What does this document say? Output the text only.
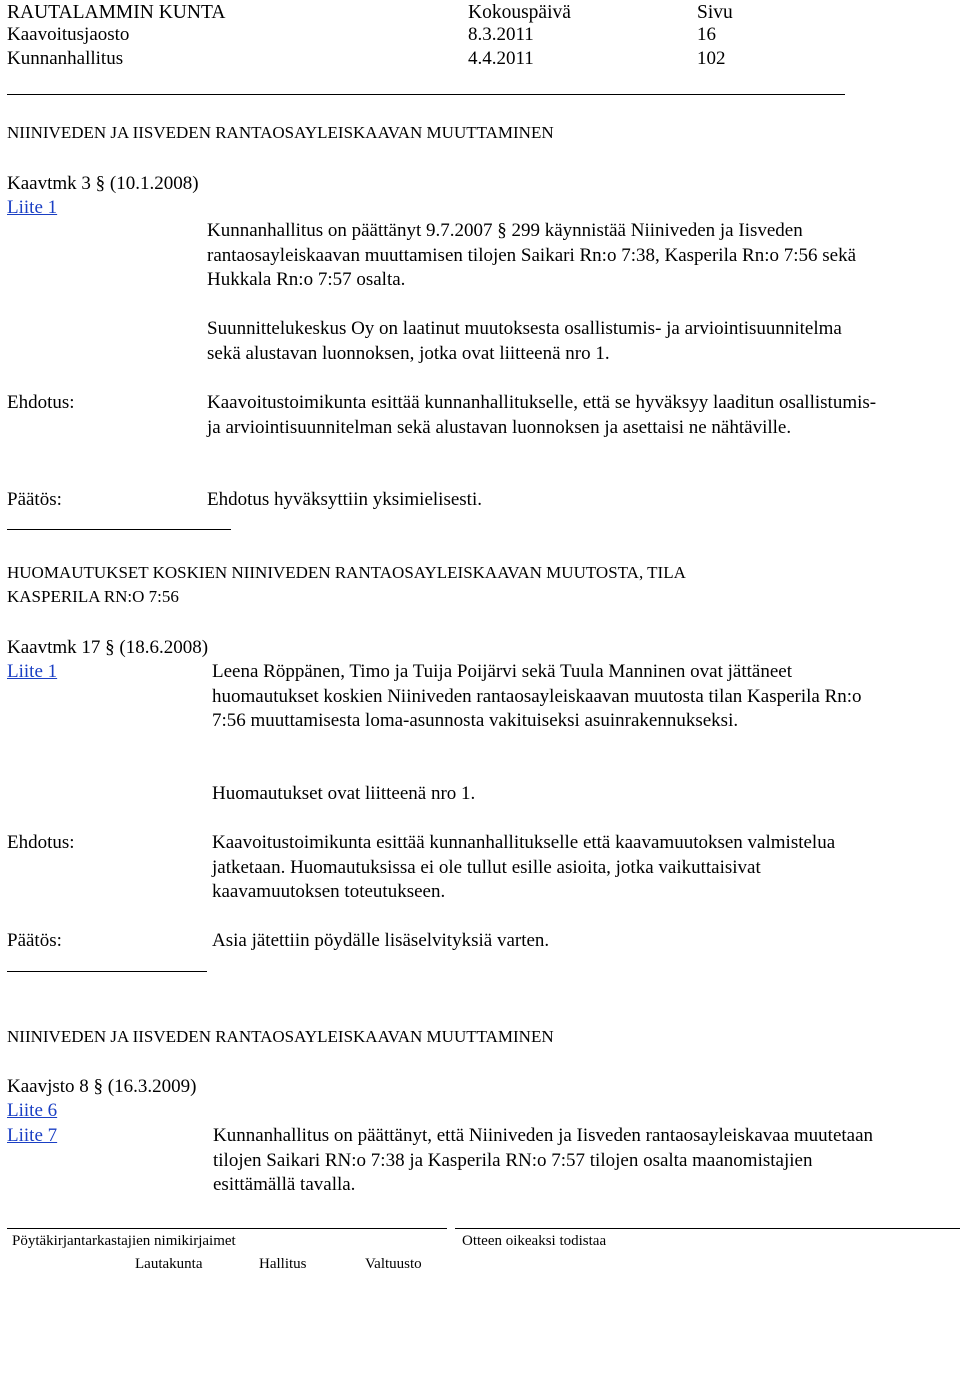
RAUTALAMMIN KUNTA	Kokouspäivä	Sivu
Kaavoitusjaosto	8.3.2011	16
Kunnanhallitus	4.4.2011	102
NIINIVEDEN JA IISVEDEN RANTAOSAYLEISKAAVAN MUUTTAMINEN
Kaavtmk 3 § (10.1.2008)
Liite 1
Kunnanhallitus on päättänyt 9.7.2007 § 299 käynnistää Niiniveden ja Iisveden rantaosayleiskaavan muuttamisen tilojen Saikari Rn:o 7:38, Kasperila Rn:o 7:56 sekä Hukkala Rn:o 7:57 osalta.
Suunnittelukeskus Oy on laatinut muutoksesta osallistumis- ja arviointisuunnitelma sekä alustavan luonnoksen, jotka ovat liitteenä nro 1.
Ehdotus:	Kaavoitustoimikunta esittää kunnanhallitukselle, että se hyväksyy laaditun osallistumis- ja arviointisuunnitelman sekä alustavan luonnoksen ja asettaisi ne nähtäville.
Päätös:	Ehdotus hyväksyttiin yksimielisesti.
HUOMAUTUKSET KOSKIEN NIINIVEDEN RANTAOSAYLEISKAAVAN MUUTOSTA, TILA
KASPERILA RN:O 7:56
Kaavtmk 17 § (18.6.2008)
Liite 1	Leena Röppänen, Timo ja Tuija Poijärvi sekä Tuula Manninen ovat jättäneet huomautukset koskien Niiniveden rantaosayleiskaavan muutosta tilan Kasperila Rn:o 7:56 muuttamisesta loma-asunnosta vakituiseksi asuinrakennukseksi.
Huomautukset ovat liitteenä nro 1.
Ehdotus:	Kaavoitustoimikunta esittää kunnanhallitukselle että kaavamuutoksen valmistelua jatketaan. Huomautuksissa ei ole tullut esille asioita, jotka vaikuttaisivat kaavamuutoksen toteutukseen.
Päätös:	Asia jätettiin pöydälle lisäselvityksiä varten.
NIINIVEDEN JA IISVEDEN RANTAOSAYLEISKAAVAN MUUTTAMINEN
Kaavjsto 8 § (16.3.2009)
Liite 6
Liite 7	Kunnanhallitus on päättänyt, että Niiniveden ja Iisveden rantaosayleiskavaa muutetaan tilojen Saikari RN:o 7:38 ja Kasperila RN:o 7:57 tilojen osalta maanomistajien esittämällä tavalla.
Pöytäkirjantarkastajien nimikirjaimet
Lautakunta	Hallitus	Valtuusto
Otteen oikeaksi todistaa
